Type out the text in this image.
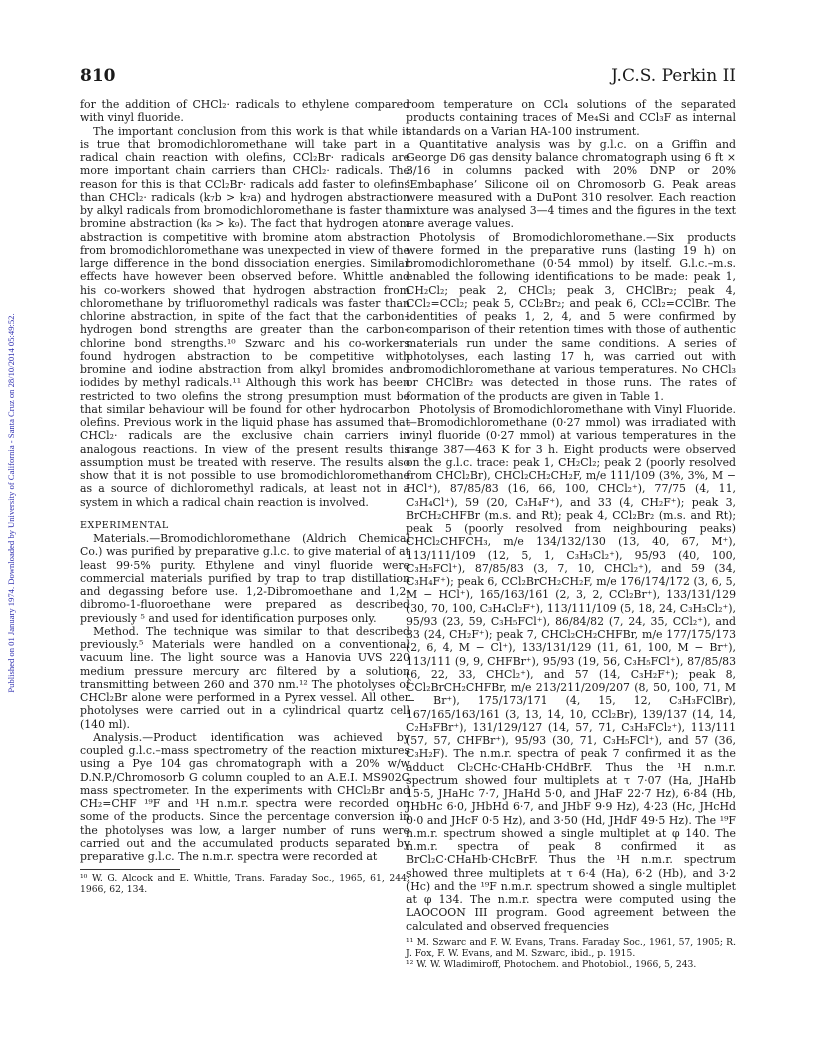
Published on 01 January 1974. Downloaded by University of California - Santa Cruz on 28/10/2014 05:49:52.
810	J.C.S. Perkin II

for the addition of CHCl₂· radicals to ethylene compared with vinyl fluoride.

The important conclusion from this work is that while it is true that bromodichloromethane will take part in a radical chain reaction with olefins, CCl₂Br· radicals are more important chain carriers than CHCl₂· radicals. The reason for this is that CCl₂Br· radicals add faster to olefins than CHCl₂· radicals (k₇b > k₇a) and hydrogen abstraction by alkyl radicals from bromodichloromethane is faster than bromine abstraction (k₈ > k₉). The fact that hydrogen atom abstraction is competitive with bromine atom abstraction from bromodichloromethane was unexpected in view of the large difference in the bond dissociation energies. Similar effects have however been observed before. Whittle and his co-workers showed that hydrogen abstraction from chloromethane by trifluoromethyl radicals was faster than chlorine abstraction, in spite of the fact that the carbon–hydrogen bond strengths are greater than the carbon–chlorine bond strengths.¹⁰ Szwarc and his co-workers found hydrogen abstraction to be competitive with bromine and iodine abstraction from alkyl bromides and iodides by methyl radicals.¹¹ Although this work has been restricted to two olefins the strong presumption must be that similar behaviour will be found for other hydrocarbon olefins. Previous work in the liquid phase has assumed that CHCl₂· radicals are the exclusive chain carriers in analogous reactions. In view of the present results this assumption must be treated with reserve. The results also show that it is not possible to use bromodichloromethane as a source of dichloromethyl radicals, at least not in a system in which a radical chain reaction is involved.

EXPERIMENTAL

Materials.—Bromodichloromethane (Aldrich Chemical Co.) was purified by preparative g.l.c. to give material of at least 99·5% purity. Ethylene and vinyl fluoride were commercial materials purified by trap to trap distillation and degassing before use. 1,2-Dibromoethane and 1,2-dibromo-1-fluoroethane were prepared as described previously ⁵ and used for identification purposes only.

Method. The technique was similar to that described previously.⁵ Materials were handled on a conventional vacuum line. The light source was a Hanovia UVS 220 medium pressure mercury arc filtered by a solution transmitting between 260 and 370 nm.¹² The photolyses of CHCl₂Br alone were performed in a Pyrex vessel. All other photolyses were carried out in a cylindrical quartz cell (140 ml).

Analysis.—Product identification was achieved by coupled g.l.c.–mass spectrometry of the reaction mixtures using a Pye 104 gas chromatograph with a 20% w/w D.N.P./Chromosorb G column coupled to an A.E.I. MS902C mass spectrometer. In the experiments with CHCl₂Br and CH₂=CHF ¹⁹F and ¹H n.m.r. spectra were recorded on some of the products. Since the percentage conversion in the photolyses was low, a larger number of runs were carried out and the accumulated products separated by preparative g.l.c. The n.m.r. spectra were recorded at

¹⁰ W. G. Alcock and E. Whittle, Trans. Faraday Soc., 1965, 61, 244; 1966, 62, 134.

room temperature on CCl₄ solutions of the separated products containing traces of Me₄Si and CCl₃F as internal standards on a Varian HA-100 instrument.

Quantitative analysis was by g.l.c. on a Griffin and George D6 gas density balance chromatograph using 6 ft × 3/16 in columns packed with 20% DNP or 20% ‘Embaphase’ Silicone oil on Chromosorb G. Peak areas were measured with a DuPont 310 resolver. Each reaction mixture was analysed 3—4 times and the figures in the text are average values.

Photolysis of Bromodichloromethane.—Six products were formed in the preparative runs (lasting 19 h) on bromodichloromethane (0·54 mmol) by itself. G.l.c.–m.s. enabled the following identifications to be made: peak 1, CH₂Cl₂; peak 2, CHCl₃; peak 3, CHClBr₂; peak 4, CCl₂=CCl₂; peak 5, CCl₂Br₂; and peak 6, CCl₂=CClBr. The identities of peaks 1, 2, 4, and 5 were confirmed by comparison of their retention times with those of authentic materials run under the same conditions. A series of photolyses, each lasting 17 h, was carried out with bromodichloromethane at various temperatures. No CHCl₃ or CHClBr₂ was detected in those runs. The rates of formation of the products are given in Table 1.

Photolysis of Bromodichloromethane with Vinyl Fluoride.—Bromodichloromethane (0·27 mmol) was irradiated with vinyl fluoride (0·27 mmol) at various temperatures in the range 387—463 K for 3 h. Eight products were observed on the g.l.c. trace: peak 1, CH₂Cl₂; peak 2 (poorly resolved from CHCl₂Br), CHCl₂CH₂CH₂F, m/e 111/109 (3%, 3%, M − HCl⁺), 87/85/83 (16, 66, 100, CHCl₂⁺), 77/75 (4, 11, C₃H₄Cl⁺), 59 (20, C₃H₄F⁺), and 33 (4, CH₂F⁺); peak 3, BrCH₂CHFBr (m.s. and Rt); peak 4, CCl₂Br₂ (m.s. and Rt); peak 5 (poorly resolved from neighbouring peaks) CHCl₂CHFCH₃, m/e 134/132/130 (13, 40, 67, M⁺), 113/111/109 (12, 5, 1, C₃H₃Cl₂⁺), 95/93 (40, 100, C₃H₅FCl⁺), 87/85/83 (3, 7, 10, CHCl₂⁺), and 59 (34, C₃H₄F⁺); peak 6, CCl₂BrCH₂CH₂F, m/e 176/174/172 (3, 6, 5, M − HCl⁺), 165/163/161 (2, 3, 2, CCl₂Br⁺), 133/131/129 (30, 70, 100, C₃H₄Cl₂F⁺), 113/111/109 (5, 18, 24, C₃H₃Cl₂⁺), 95/93 (23, 59, C₃H₅FCl⁺), 86/84/82 (7, 24, 35, CCl₂⁺), and 33 (24, CH₂F⁺); peak 7, CHCl₂CH₂CHFBr, m/e 177/175/173 (2, 6, 4, M − Cl⁺), 133/131/129 (11, 61, 100, M − Br⁺), 113/111 (9, 9, CHFBr⁺), 95/93 (19, 56, C₃H₅FCl⁺), 87/85/83 (6, 22, 33, CHCl₂⁺), and 57 (14, C₃H₂F⁺); peak 8, CCl₂BrCH₂CHFBr, m/e 213/211/209/207 (8, 50, 100, 71, M − Br⁺), 175/173/171 (4, 15, 12, C₃H₃FClBr), 167/165/163/161 (3, 13, 14, 10, CCl₂Br), 139/137 (14, 14, C₂H₃FBr⁺), 131/129/127 (14, 57, 71, C₃H₃FCl₂⁺), 113/111 (57, 57, CHFBr⁺), 95/93 (30, 71, C₃H₅FCl⁺), and 57 (36, C₃H₂F). The n.m.r. spectra of peak 7 confirmed it as the adduct Cl₂CHc·CHaHb·CHdBrF. Thus the ¹H n.m.r. spectrum showed four multiplets at τ 7·07 (Ha, JHaHb 15·5, JHaHc 7·7, JHaHd 5·0, and JHaF 22·7 Hz), 6·84 (Hb, JHbHc 6·0, JHbHd 6·7, and JHbF 9·9 Hz), 4·23 (Hc, JHcHd 0·0 and JHcF 0·5 Hz), and 3·50 (Hd, JHdF 49·5 Hz). The ¹⁹F n.m.r. spectrum showed a single multiplet at φ 140. The n.m.r. spectra of peak 8 confirmed it as BrCl₂C·CHaHb·CHcBrF. Thus the ¹H n.m.r. spectrum showed three multiplets at τ 6·4 (Ha), 6·2 (Hb), and 3·2 (Hc) and the ¹⁹F n.m.r. spectrum showed a single multiplet at φ 134. The n.m.r. spectra were computed using the LAOCOON III program. Good agreement between the calculated and observed frequencies

¹¹ M. Szwarc and F. W. Evans, Trans. Faraday Soc., 1961, 57, 1905; R. J. Fox, F. W. Evans, and M. Szwarc, ibid., p. 1915.

¹² W. W. Wladimiroff, Photochem. and Photobiol., 1966, 5, 243.
